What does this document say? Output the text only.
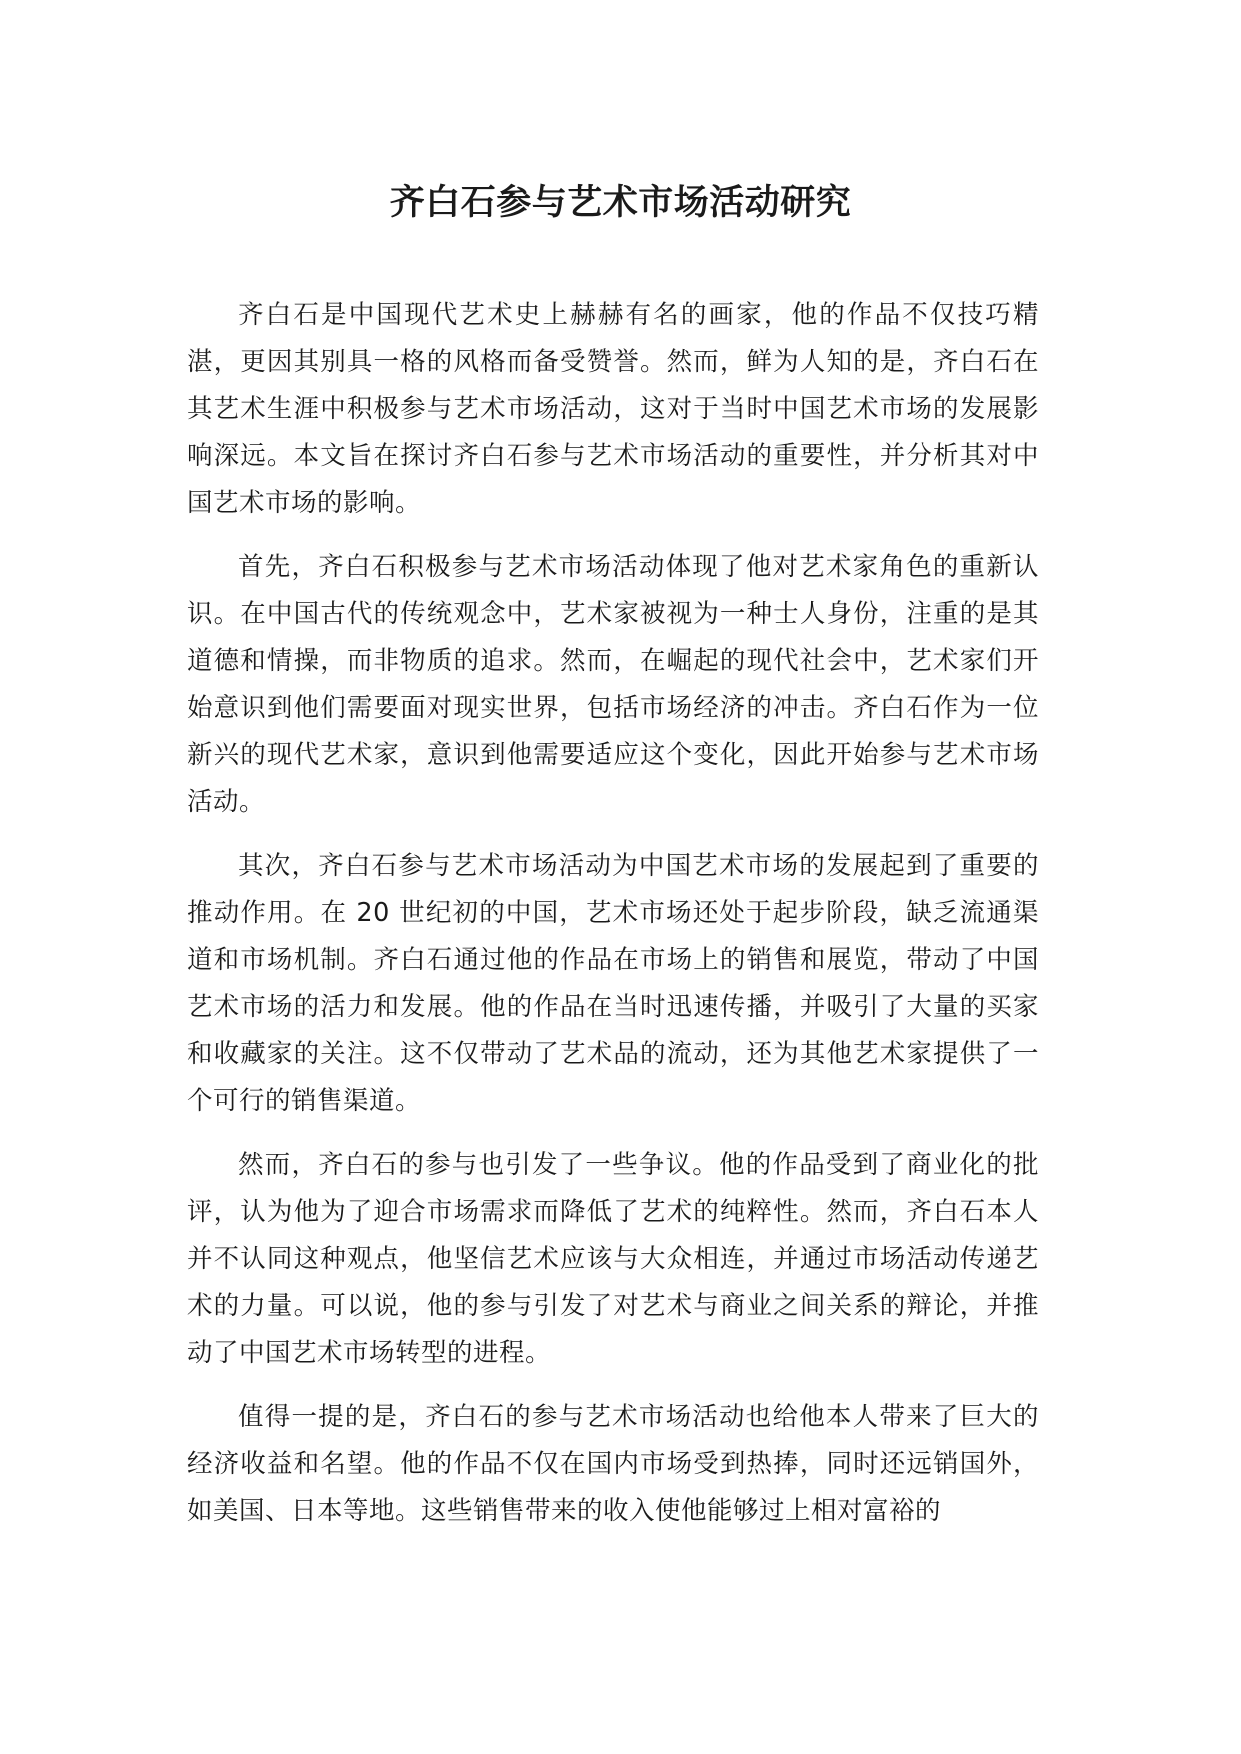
齐白石参与艺术市场活动研究

齐白石是中国现代艺术史上赫赫有名的画家，他的作品不仅技巧精湛，更因其别具一格的风格而备受赞誉。然而，鲜为人知的是，齐白石在其艺术生涯中积极参与艺术市场活动，这对于当时中国艺术市场的发展影响深远。本文旨在探讨齐白石参与艺术市场活动的重要性，并分析其对中国艺术市场的影响。

首先，齐白石积极参与艺术市场活动体现了他对艺术家角色的重新认识。在中国古代的传统观念中，艺术家被视为一种士人身份，注重的是其道德和情操，而非物质的追求。然而，在崛起的现代社会中，艺术家们开始意识到他们需要面对现实世界，包括市场经济的冲击。齐白石作为一位新兴的现代艺术家，意识到他需要适应这个变化，因此开始参与艺术市场活动。

其次，齐白石参与艺术市场活动为中国艺术市场的发展起到了重要的推动作用。在 20 世纪初的中国，艺术市场还处于起步阶段，缺乏流通渠道和市场机制。齐白石通过他的作品在市场上的销售和展览，带动了中国艺术市场的活力和发展。他的作品在当时迅速传播，并吸引了大量的买家和收藏家的关注。这不仅带动了艺术品的流动，还为其他艺术家提供了一个可行的销售渠道。

然而，齐白石的参与也引发了一些争议。他的作品受到了商业化的批评，认为他为了迎合市场需求而降低了艺术的纯粹性。然而，齐白石本人并不认同这种观点，他坚信艺术应该与大众相连，并通过市场活动传递艺术的力量。可以说，他的参与引发了对艺术与商业之间关系的辩论，并推动了中国艺术市场转型的进程。

值得一提的是，齐白石的参与艺术市场活动也给他本人带来了巨大的经济收益和名望。他的作品不仅在国内市场受到热捧，同时还远销国外，如美国、日本等地。这些销售带来的收入使他能够过上相对富裕的
